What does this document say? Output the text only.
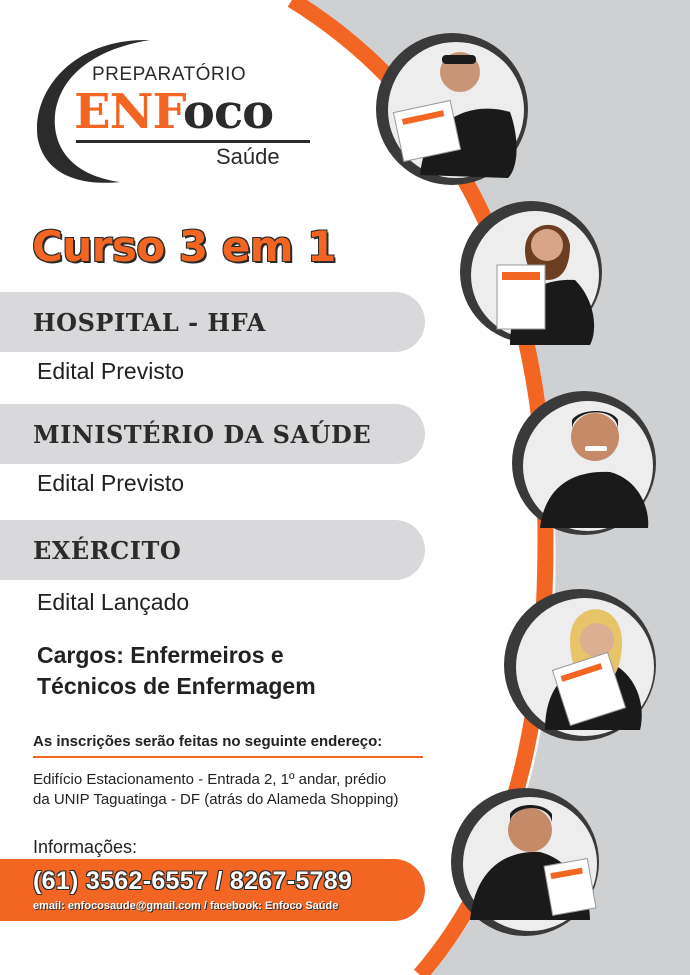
PREPARATÓRIO
ENFoco
Saúde
Curso 3 em 1
HOSPITAL - HFA
Edital Previsto
MINISTÉRIO DA SAÚDE
Edital Previsto
EXÉRCITO
Edital Lançado
Cargos: Enfermeiros e
Técnicos de Enfermagem
As inscrições serão feitas no seguinte endereço:
Edifício Estacionamento - Entrada 2, 1º andar, prédio
da UNIP Taguatinga - DF (atrás do Alameda Shopping)
Informações:
(61) 3562-6557 / 8267-5789
email: enfocosaude@gmail.com / facebook: Enfoco Saúde
